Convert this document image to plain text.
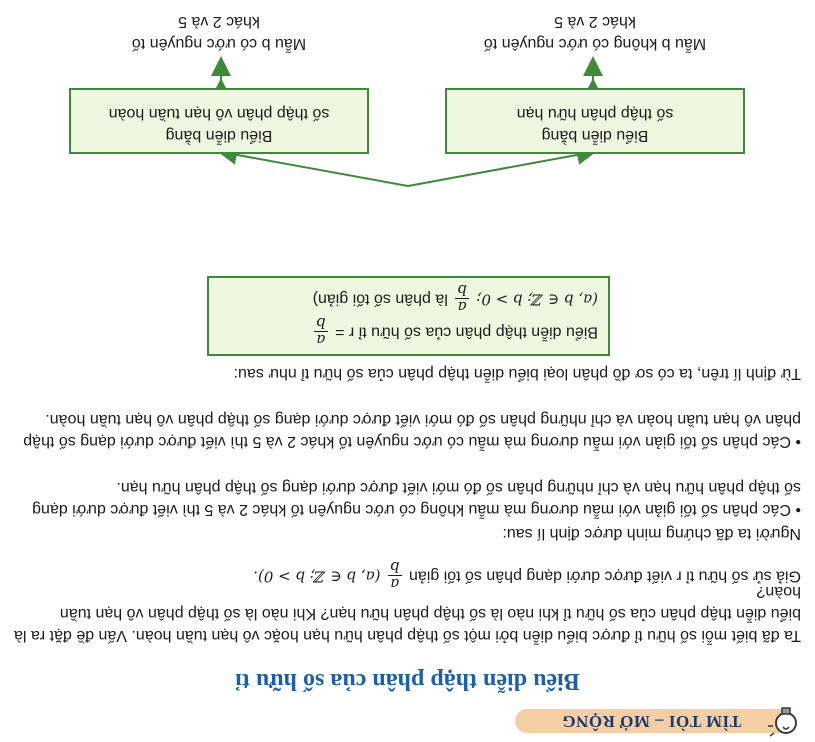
TÌM TÒI – MỞ RỘNG
Biểu diễn thập phân của số hữu tỉ
Ta đã biết mỗi số hữu tỉ được biểu diễn bởi một số thập phân hữu hạn hoặc vô hạn tuần hoàn. Vấn đề đặt ra là biểu diễn thập phân của số hữu tỉ khi nào là số thập phân hữu hạn? Khi nào là số thập phân vô hạn tuần hoàn?
Giả sử số hữu tỉ r viết được dưới dạng phân số tối giản
a
b
(a, b ∈ ℤ; b > 0).
Người ta đã chứng minh được định lí sau:
• Các phân số tối giản với mẫu dương mà mẫu không có ước nguyên tố khác 2 và 5 thì viết được dưới dạng số thập phân hữu hạn và chỉ những phân số đó mới viết được dưới dạng số thập phân hữu hạn.
• Các phân số tối giản với mẫu dương mà mẫu có ước nguyên tố khác 2 và 5 thì viết được dưới dạng số thập phân vô hạn tuần hoàn và chỉ những phân số đó mới viết được dưới dạng số thập phân vô hạn tuần hoàn.
Từ định lí trên, ta có sơ đồ phân loại biểu diễn thập phân của số hữu tỉ như sau:
Biểu diễn thập phân của số hữu tỉ r =
a
b
(a, b ∈ ℤ; b > 0;
a
b
là phân số tối giản)
Biểu diễn bằng
số thập phân hữu hạn
Biểu diễn bằng
số thập phân vô hạn tuần hoàn
Mẫu b không có ước nguyên tố
khác 2 và 5
Mẫu b có ước nguyên tố
khác 2 và 5
